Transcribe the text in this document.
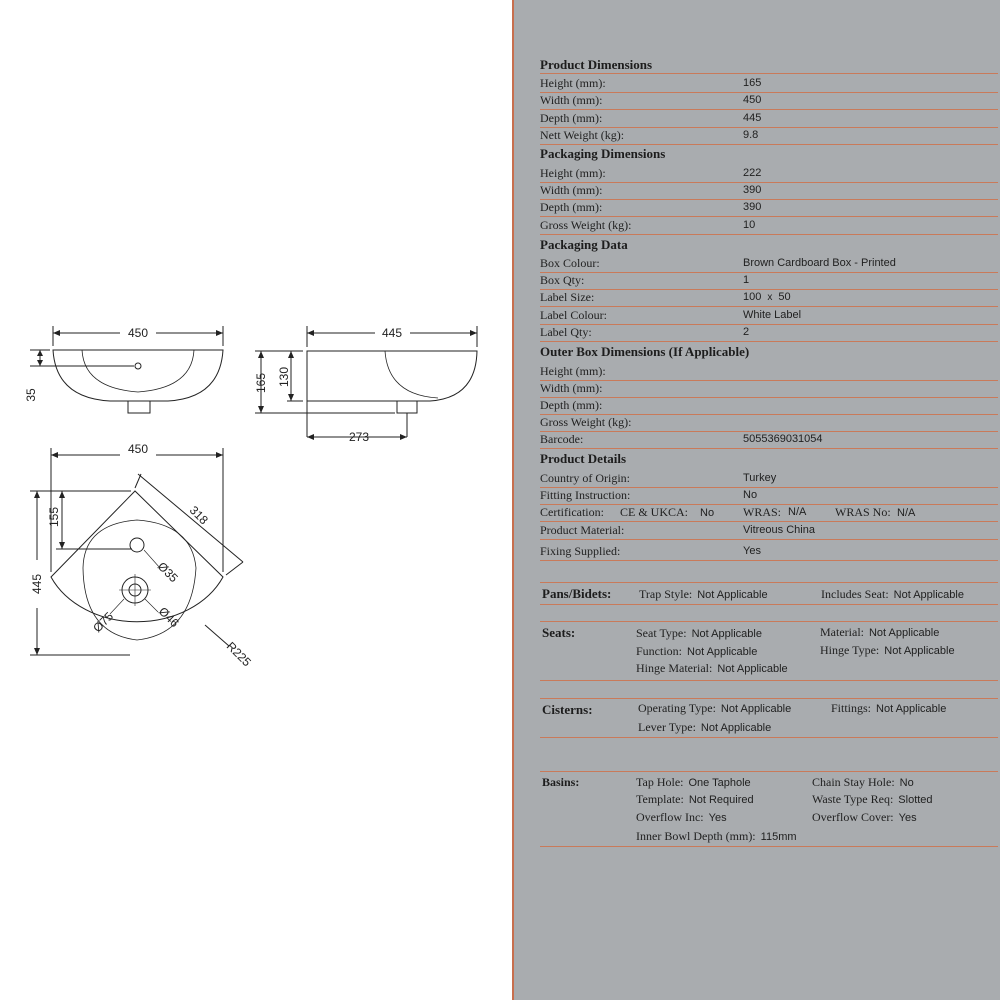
450
35
445
165 130
273
450
445
155	318
R225
Ø35
Ø75	Ø46
Product Dimensions
Height (mm):	165
Width (mm):	450
Depth (mm):	445
Nett Weight (kg):	9.8
Packaging Dimensions
Height (mm):	222
Width (mm):	390
Depth (mm):	390
Gross Weight (kg):	10
Packaging Data
Box Colour:	Brown Cardboard Box - Printed
Box Qty:	1
Label Size:	100 x 50
Label Colour:	White Label
Label Qty:	2
Outer Box Dimensions (If Applicable)
Height (mm):
Width (mm):
Depth (mm):
Gross Weight (kg):
Barcode:	5055369031054
Product Details
Country of Origin:	Turkey
Fitting Instruction:	No
Certification: CE & UKCA: No WRAS: N/A WRAS No: N/A
Product Material:	Vitreous China
Fixing Supplied:	Yes
Pans/Bidets: Trap Style: Not Applicable	Includes Seat: Not Applicable
Seats:	Seat Type: Not Applicable	Material: Not Applicable
Function: Not Applicable	Hinge Type: Not Applicable
Hinge Material: Not Applicable
Cisterns:	Operating Type: Not Applicable	Fittings: Not Applicable
Lever Type: Not Applicable
Basins:	Tap Hole: One Taphole	Chain Stay Hole: No
Template: Not Required	Waste Type Req: Slotted
Overflow Inc: Yes	Overflow Cover: Yes
Inner Bowl Depth (mm): 115mm
